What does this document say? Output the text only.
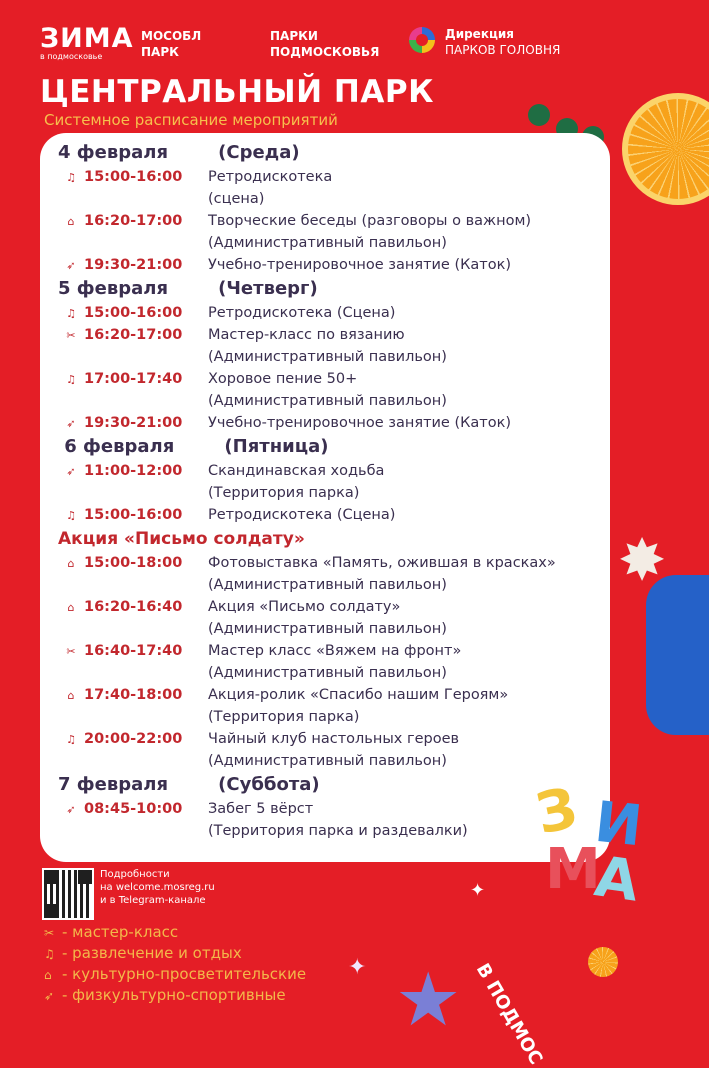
ЗИМА
в подмосковье
МОСОБЛ ПАРК
ПАРКИ ПОДМОСКОВЬЯ
Дирекция
ПАРКОВ ГОЛОВНЯ
ЦЕНТРАЛЬНЫЙ ПАРК
Системное расписание мероприятий
✸
4 февраля        (Среда)
♫ 15:00-16:00 Ретродискотека
(сцена)
⌂ 16:20-17:00 Творческие беседы (разговоры о важном)
(Административный павильон)
➶ 19:30-21:00 Учебно-тренировочное занятие (Каток)
5 февраля        (Четверг)
♫ 15:00-16:00 Ретродискотека (Сцена)
✂ 16:20-17:00 Мастер-класс по вязанию
(Административный павильон)
♫ 17:00-17:40 Хоровое пение 50+
(Административный павильон)
➶ 19:30-21:00 Учебно-тренировочное занятие (Каток)
6 февраля        (Пятница)
➶ 11:00-12:00 Скандинавская ходьба
(Территория парка)
♫ 15:00-16:00 Ретродискотека (Сцена)
Акция «Письмо солдату»
⌂ 15:00-18:00 Фотовыставка «Память, ожившая в красках»
(Административный павильон)
⌂ 16:20-16:40 Акция «Письмо солдату»
(Административный павильон)
✂ 16:40-17:40 Мастер класс «Вяжем на фронт»
(Административный павильон)
⌂ 17:40-18:00 Акция-ролик «Спасибо нашим Героям»
(Территория парка)
♫ 20:00-22:00 Чайный клуб настольных героев
(Административный павильон)
7 февраля        (Суббота)
➶ 08:45-10:00 Забег 5 вёрст
(Территория парка и раздевалки)	З И
М
А
✦
В ПОДМОС
✦ ★
Подробности
на welcome.mosreg.ru
и в Telegram-канале
✂ - мастер-класс
♫ - развлечение и отдых
⌂ - культурно-просветительские
➶ - физкультурно-спортивные
